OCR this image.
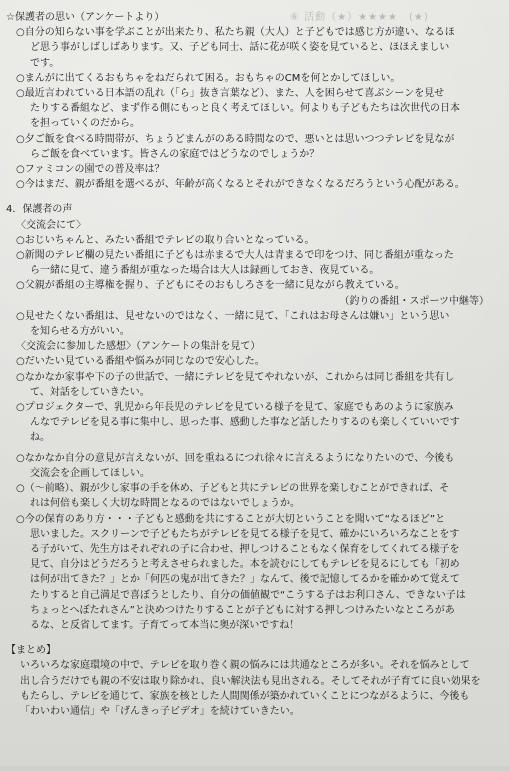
⑥ 活動（★）★★★★　(★)
☆保護者の思い（アンケートより）
○自分の知らない事を学ぶことが出来たり、私たち親（大人）と子どもでは感じ方が違い、なるほ
ど思う事がしばしばあります。又、子ども同士、話に花が咲く姿を見ていると、ほほえましい
です。
○まんがに出てくるおもちゃをねだられて困る。おもちゃのCMを何とかしてほしい。
○最近言われている日本語の乱れ（「ら」抜き言葉など）、また、人を困らせて喜ぶシーンを見せ
たりする番組など、まず作る側にもっと良く考えてほしい。何よりも子どもたちは次世代の日本
を担っていくのだから。
○夕ご飯を食べる時間帯が、ちょうどまんがのある時間なので、悪いとは思いつつテレビを見なが
らご飯を食べています。皆さんの家庭ではどうなのでしょうか？
○ファミコンの園での普及率は？
○今はまだ、親が番組を選べるが、年齢が高くなるとそれができなくなるだろうという心配がある。
4．保護者の声
〈交流会にて〉
○おじいちゃんと、みたい番組でテレビの取り合いとなっている。
○新聞のテレビ欄の見たい番組に子どもは赤まるで大人は青まるで印をつけ、同じ番組が重なった
ら一緒に見て、違う番組が重なった場合は大人は録画しておき、夜見ている。
○父親が番組の主導権を握り、子どもにそのおもしろさを一緒に見ながら教えている。
（釣りの番組・スポーツ中継等）
○見せたくない番組は、見せないのではなく、一緒に見て、「これはお母さんは嫌い」という思い
を知らせる方がいい。
〈交流会に参加した感想〉（アンケートの集計を見て）
○だいたい見ている番組や悩みが同じなので安心した。
○なかなか家事や下の子の世話で、一緒にテレビを見てやれないが、これからは同じ番組を共有し
て、対話をしていきたい。
○プロジェクターで、乳児から年長児のテレビを見ている様子を見て、家庭でもあのように家族み
んなでテレビを見る事に集中し、思った事、感動した事など話したりするのも楽しくていいです
ね。
○なかなか自分の意見が言えないが、回を重ねるにつれ徐々に言えるようになりたいので、今後も
交流会を企画してほしい。
○（～前略）、親が少し家事の手を休め、子どもと共にテレビの世界を楽しむことができれば、そ
れは何倍も楽しく大切な時間となるのではないでしょうか。
○今の保育のあり方・・・子どもと感動を共にすることが大切ということを聞いて“なるほど”と
思いました。スクリーンで子どもたちがテレビを見てる様子を見て、確かにいろいろなことをす
る子がいて、先生方はそれぞれの子に合わせ、押しつけることもなく保育をしてくれてる様子を
見て、自分はどうだろうと考えさせられました。本を読むにしてもテレビを見るにしても「初め
は何が出てきた？」とか「何匹の鬼が出てきた？」なんて、後で記憶してるかを確かめて覚えて
たりすると自己満足で喜ぼうとしたり、自分の価値観で“こうする子はお利口さん、できない子は
ちょっとへぼたれさん”と決めつけたりすることが子どもに対する押しつけみたいなところがあ
るな、と反省してます。子育てって本当に奥が深いですね！
【まとめ】
いろいろな家庭環境の中で、テレビを取り巻く親の悩みには共通なところが多い。それを悩みとして
出し合うだけでも親の不安は取り除かれ、良い解決法も見出される。そしてそれが子育てに良い効果を
もたらし、テレビを通じて、家族を核とした人間関係が築かれていくことにつながるように、今後も
「わいわい通信」や「げんきっ子ビデオ」を続けていきたい。
